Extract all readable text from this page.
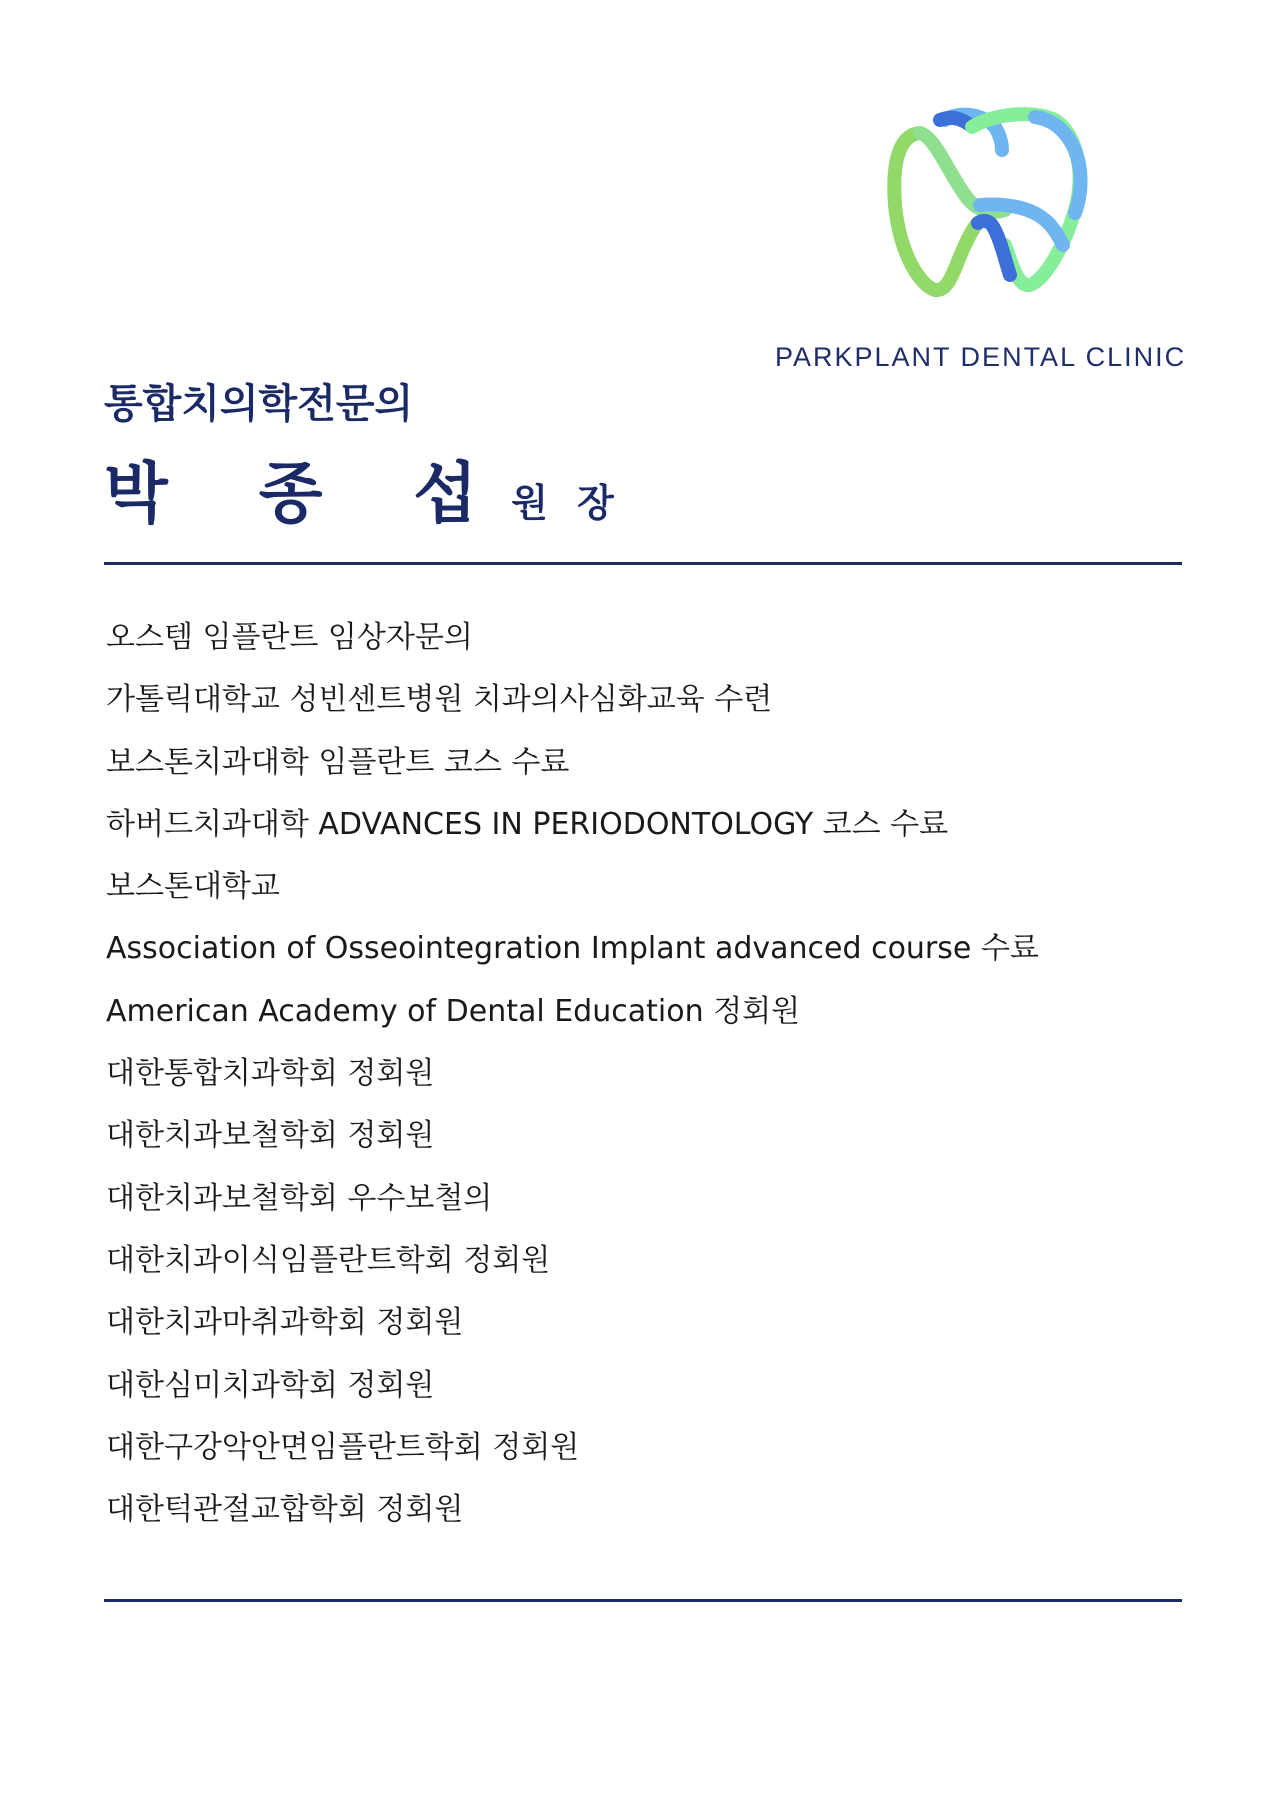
PARKPLANT DENTAL CLINIC
통합치의학전문의
박 종 섭원 장
오스템 임플란트 임상자문의
가톨릭대학교 성빈센트병원 치과의사심화교육 수련
보스톤치과대학 임플란트 코스 수료
하버드치과대학 ADVANCES IN PERIODONTOLOGY 코스 수료
보스톤대학교
Association of Osseointegration Implant advanced course 수료
American Academy of Dental Education 정회원
대한통합치과학회 정회원
대한치과보철학회 정회원
대한치과보철학회 우수보철의
대한치과이식임플란트학회 정회원
대한치과마취과학회 정회원
대한심미치과학회 정회원
대한구강악안면임플란트학회 정회원
대한턱관절교합학회 정회원
